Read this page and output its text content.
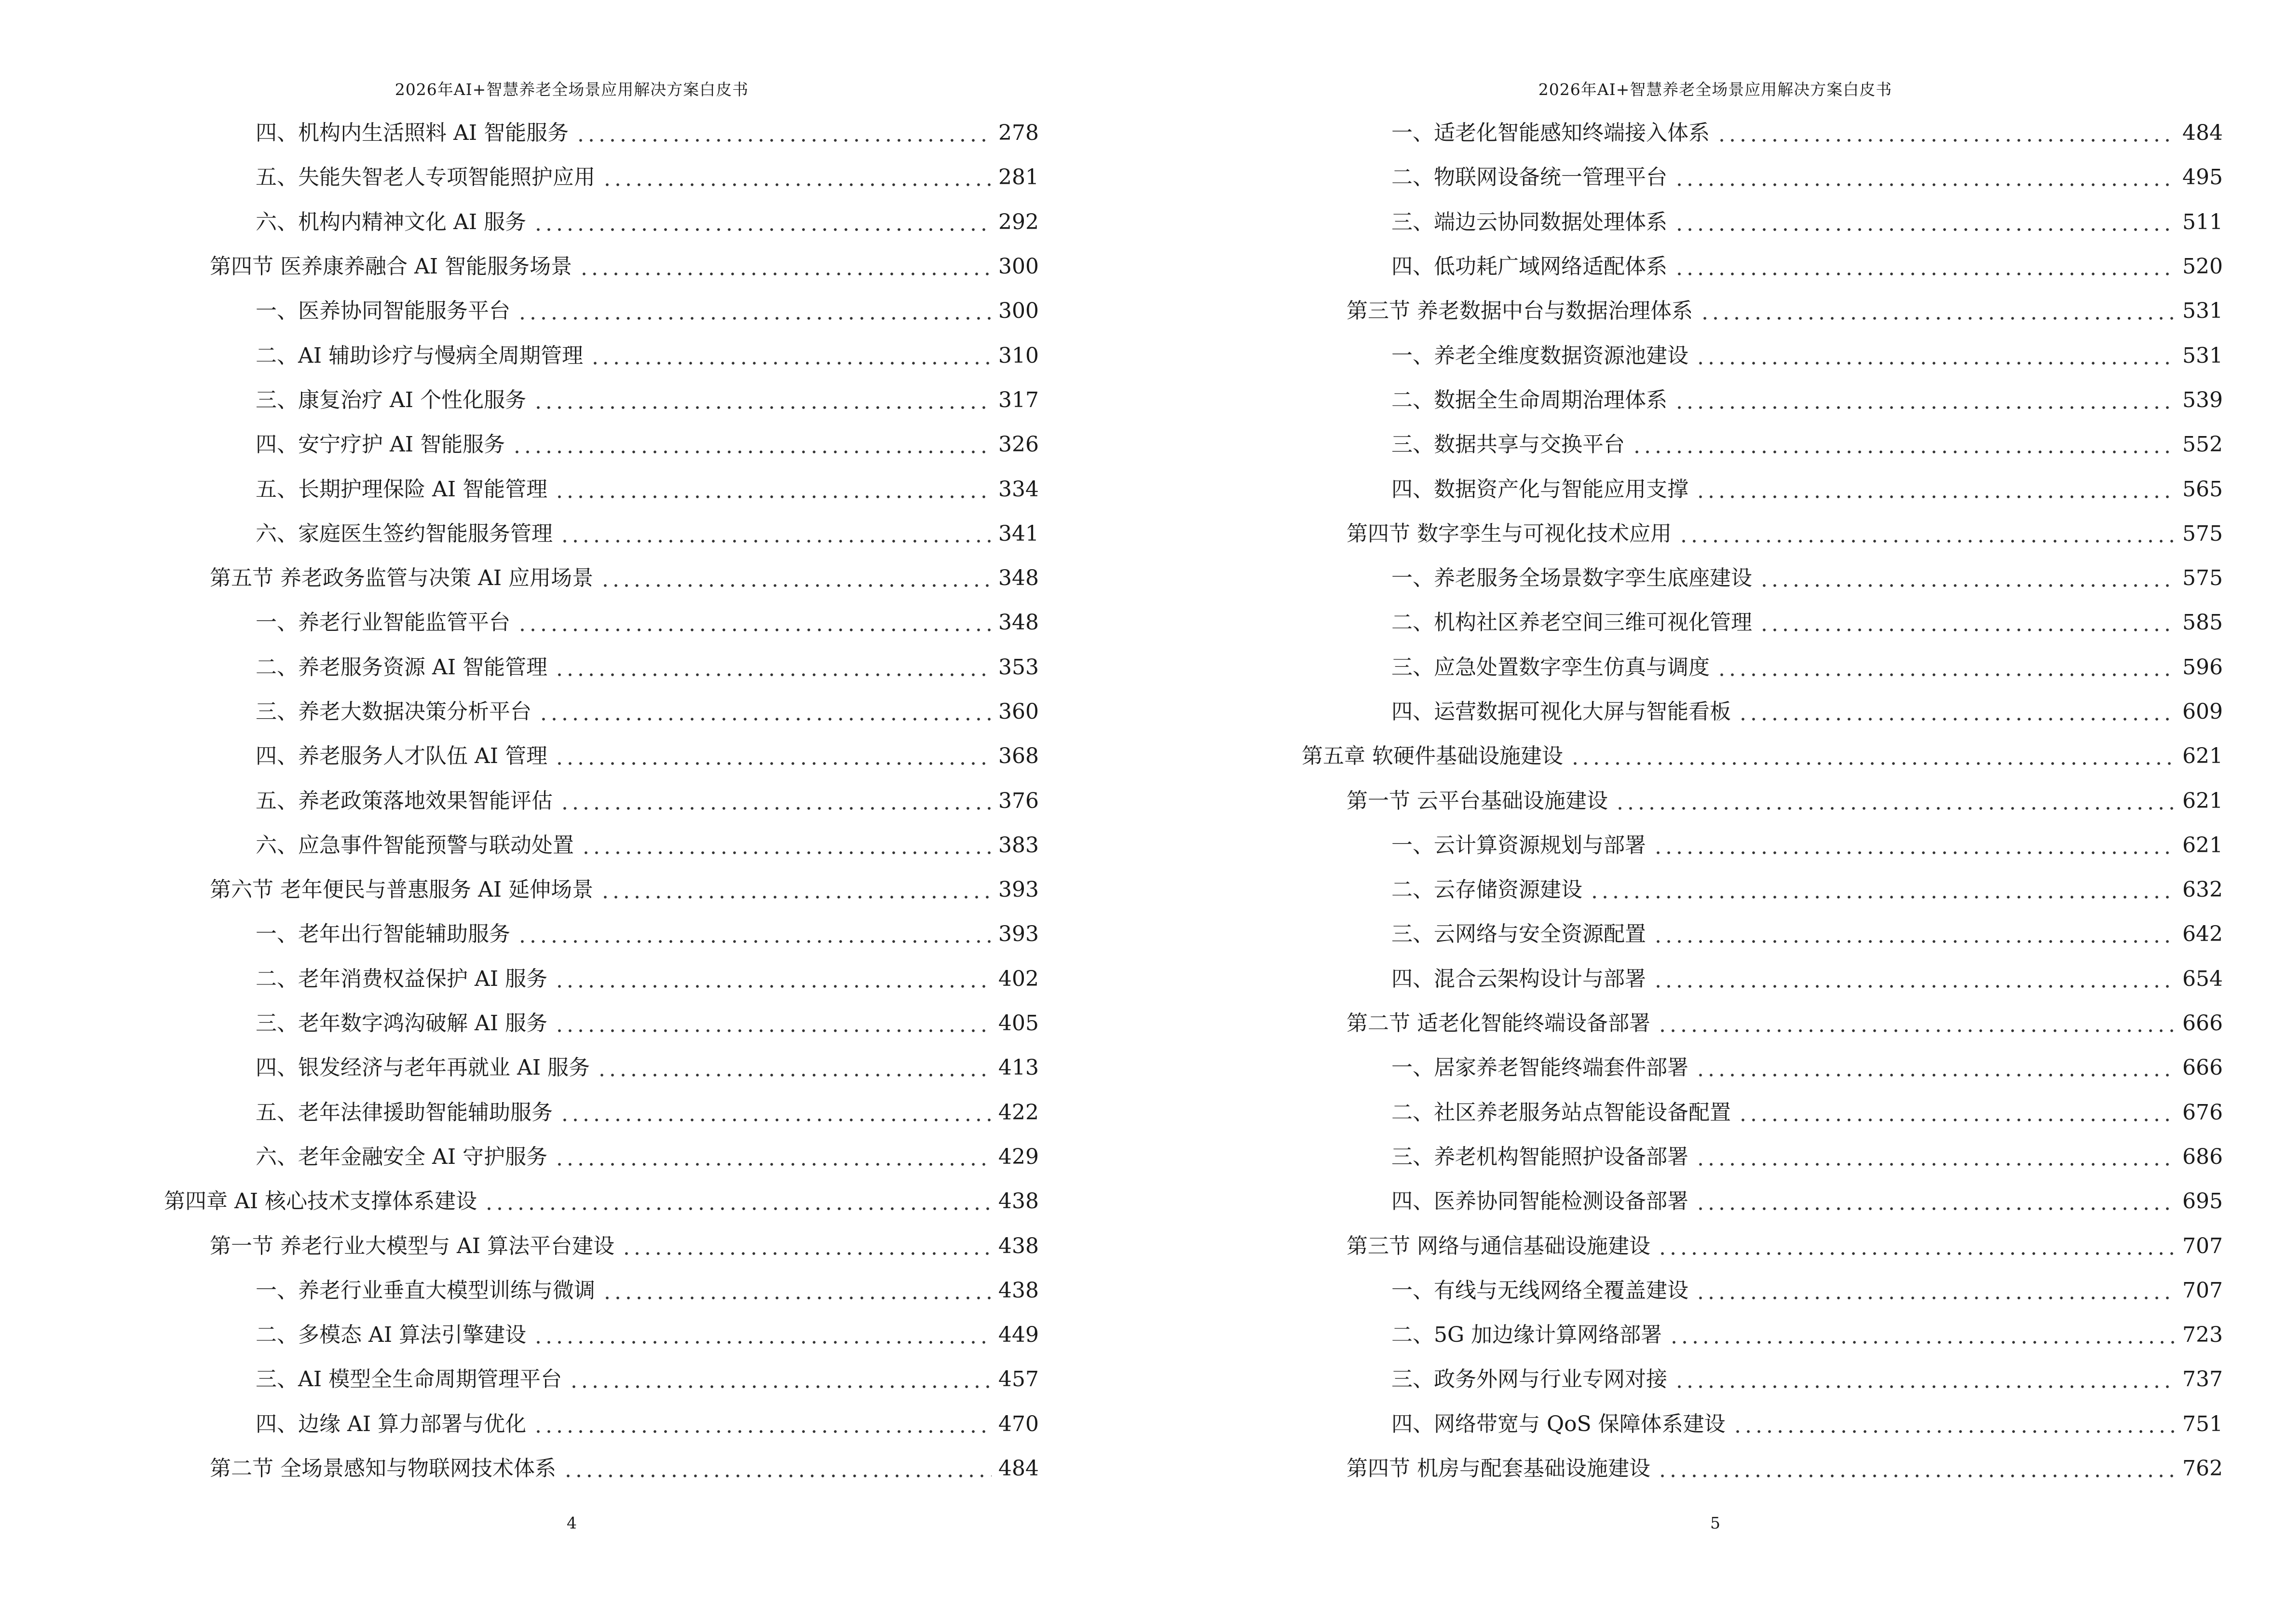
2026年AI+智慧养老全场景应用解决方案白皮书
四、机构内生活照料 AI 智能服务	278
五、失能失智老人专项智能照护应用	281
六、机构内精神文化 AI 服务	292
第四节 医养康养融合 AI 智能服务场景	300
一、医养协同智能服务平台	300
二、AI 辅助诊疗与慢病全周期管理	310
三、康复治疗 AI 个性化服务	317
四、安宁疗护 AI 智能服务	326
五、长期护理保险 AI 智能管理	334
六、家庭医生签约智能服务管理	341
第五节 养老政务监管与决策 AI 应用场景	348
一、养老行业智能监管平台	348
二、养老服务资源 AI 智能管理	353
三、养老大数据决策分析平台	360
四、养老服务人才队伍 AI 管理	368
五、养老政策落地效果智能评估	376
六、应急事件智能预警与联动处置	383
第六节 老年便民与普惠服务 AI 延伸场景	393
一、老年出行智能辅助服务	393
二、老年消费权益保护 AI 服务	402
三、老年数字鸿沟破解 AI 服务	405
四、银发经济与老年再就业 AI 服务	413
五、老年法律援助智能辅助服务	422
六、老年金融安全 AI 守护服务	429
第四章 AI 核心技术支撑体系建设	438
第一节 养老行业大模型与 AI 算法平台建设	438
一、养老行业垂直大模型训练与微调	438
二、多模态 AI 算法引擎建设	449
三、AI 模型全生命周期管理平台	457
四、边缘 AI 算力部署与优化	470
第二节 全场景感知与物联网技术体系	484
4
2026年AI+智慧养老全场景应用解决方案白皮书
一、适老化智能感知终端接入体系	484
二、物联网设备统一管理平台	495
三、端边云协同数据处理体系	511
四、低功耗广域网络适配体系	520
第三节 养老数据中台与数据治理体系	531
一、养老全维度数据资源池建设	531
二、数据全生命周期治理体系	539
三、数据共享与交换平台	552
四、数据资产化与智能应用支撑	565
第四节 数字孪生与可视化技术应用	575
一、养老服务全场景数字孪生底座建设	575
二、机构社区养老空间三维可视化管理	585
三、应急处置数字孪生仿真与调度	596
四、运营数据可视化大屏与智能看板	609
第五章 软硬件基础设施建设	621
第一节 云平台基础设施建设	621
一、云计算资源规划与部署	621
二、云存储资源建设	632
三、云网络与安全资源配置	642
四、混合云架构设计与部署	654
第二节 适老化智能终端设备部署	666
一、居家养老智能终端套件部署	666
二、社区养老服务站点智能设备配置	676
三、养老机构智能照护设备部署	686
四、医养协同智能检测设备部署	695
第三节 网络与通信基础设施建设	707
一、有线与无线网络全覆盖建设	707
二、5G 加边缘计算网络部署	723
三、政务外网与行业专网对接	737
四、网络带宽与 QoS 保障体系建设	751
第四节 机房与配套基础设施建设	762
5
